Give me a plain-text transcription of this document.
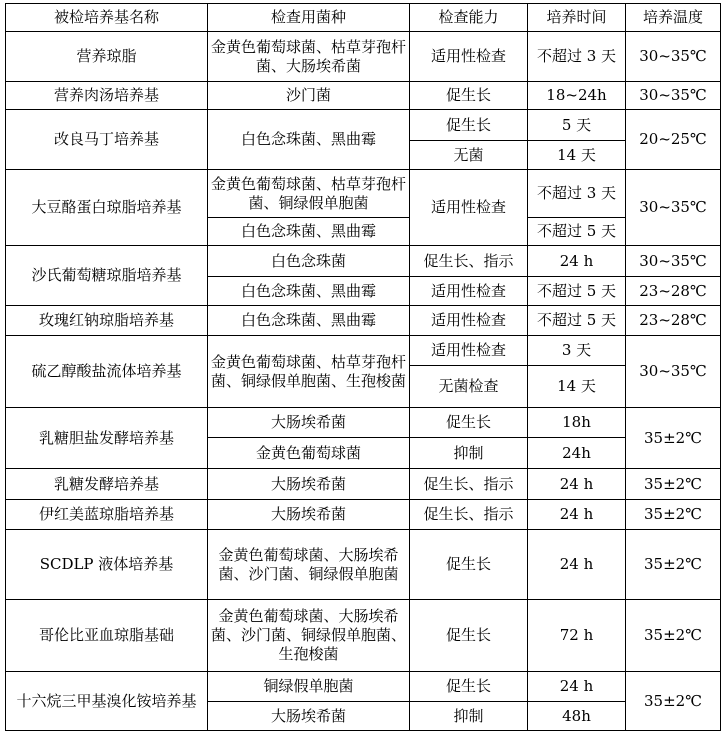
被检培养基名称	检查用菌种	检查能力	培养时间	培养温度
营养琼脂	金黄色葡萄球菌、枯草芽孢杆菌、大肠埃希菌	适用性检查	不超过 3 天	30~35℃
营养肉汤培养基	沙门菌	促生长	18~24h	30~35℃
改良马丁培养基	白色念珠菌、黑曲霉	促生长	5 天	20~25℃
		无菌	14 天	
大豆酪蛋白琼脂培养基	金黄色葡萄球菌、枯草芽孢杆菌、铜绿假单胞菌	适用性检查	不超过 3 天	30~35℃
	白色念珠菌、黑曲霉		不超过 5 天	
沙氏葡萄糖琼脂培养基	白色念珠菌	促生长、指示	24 h	30~35℃
	白色念珠菌、黑曲霉	适用性检查	不超过 5 天	23~28℃
玫瑰红钠琼脂培养基	白色念珠菌、黑曲霉	适用性检查	不超过 5 天	23~28℃
硫乙醇酸盐流体培养基	金黄色葡萄球菌、枯草芽孢杆菌、铜绿假单胞菌、生孢梭菌	适用性检查	3 天	30~35℃
		无菌检查	14 天	
乳糖胆盐发酵培养基	大肠埃希菌	促生长	18h	35±2℃
	金黄色葡萄球菌	抑制	24h	
乳糖发酵培养基	大肠埃希菌	促生长、指示	24 h	35±2℃
伊红美蓝琼脂培养基	大肠埃希菌	促生长、指示	24 h	35±2℃
SCDLP 液体培养基	金黄色葡萄球菌、大肠埃希菌、沙门菌、铜绿假单胞菌	促生长	24 h	35±2℃
哥伦比亚血琼脂基础	金黄色葡萄球菌、大肠埃希菌、沙门菌、铜绿假单胞菌、生孢梭菌	促生长	72 h	35±2℃
十六烷三甲基溴化铵培养基	铜绿假单胞菌	促生长	24 h	35±2℃
	大肠埃希菌	抑制	48h	
